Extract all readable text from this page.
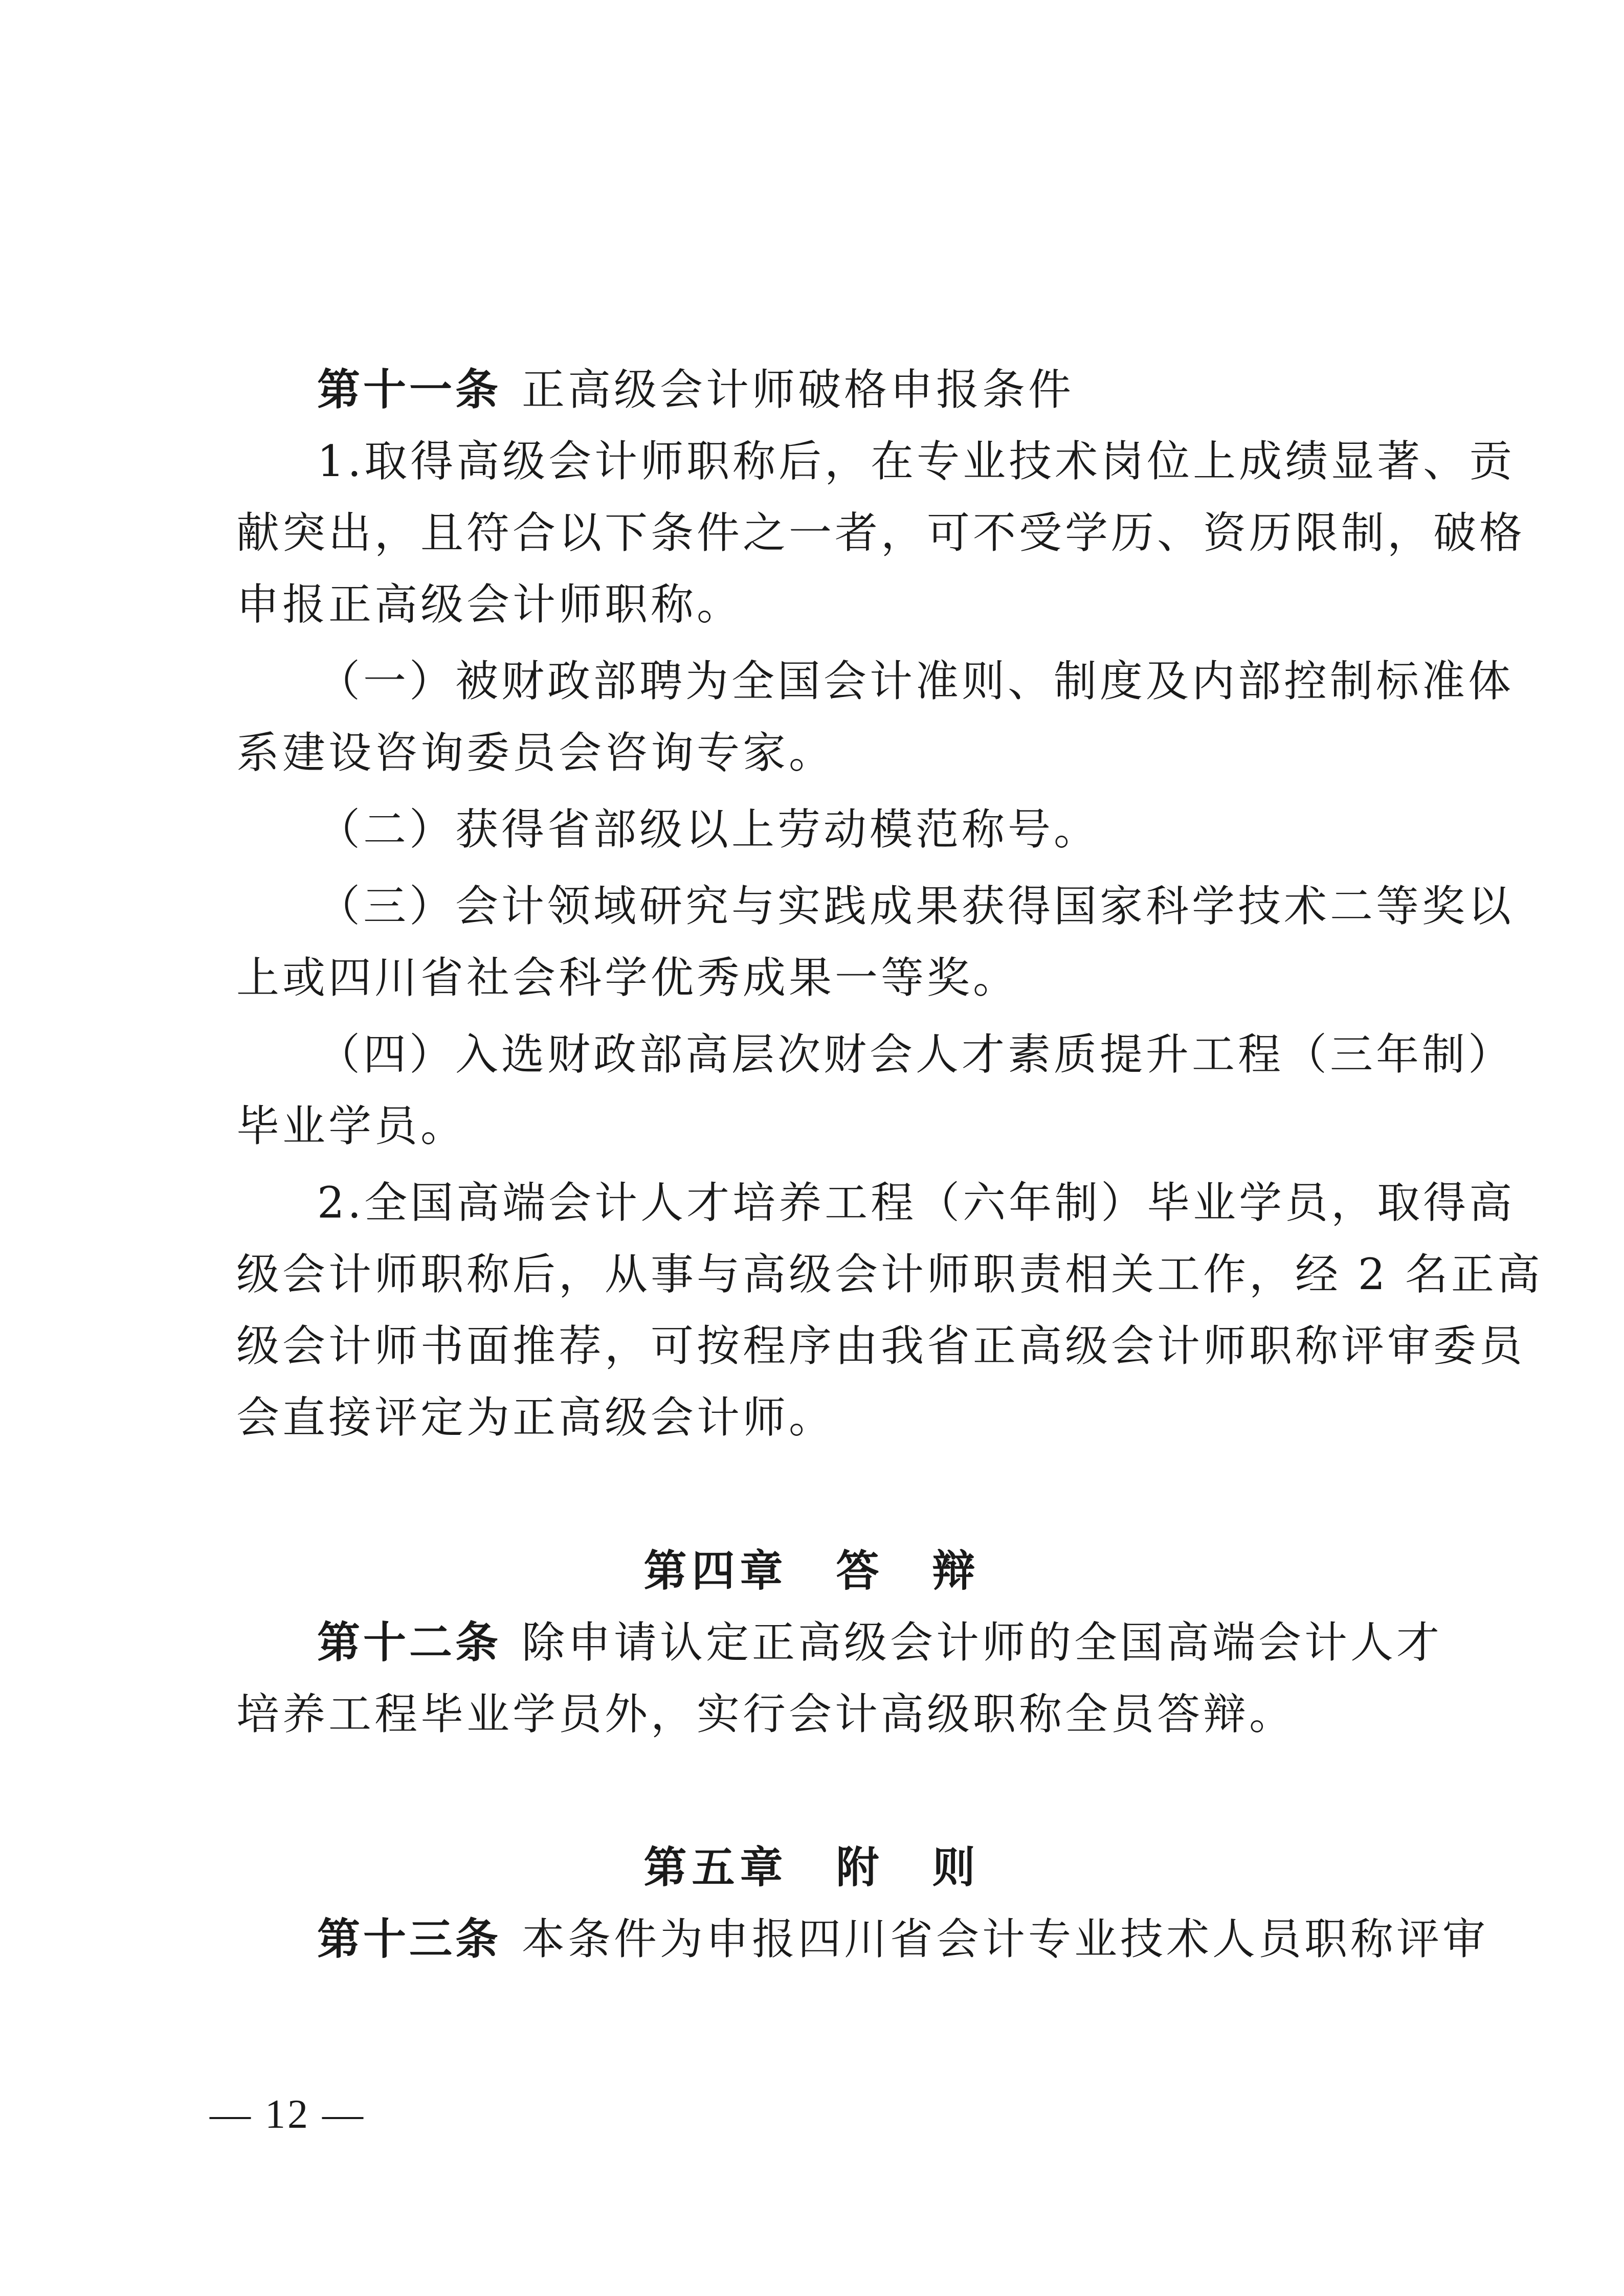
第十一条 正高级会计师破格申报条件
1.取得高级会计师职称后，在专业技术岗位上成绩显著、贡
献突出，且符合以下条件之一者，可不受学历、资历限制，破格
申报正高级会计师职称。
（一）被财政部聘为全国会计准则、制度及内部控制标准体
系建设咨询委员会咨询专家。
（二）获得省部级以上劳动模范称号。
（三）会计领域研究与实践成果获得国家科学技术二等奖以
上或四川省社会科学优秀成果一等奖。
（四）入选财政部高层次财会人才素质提升工程（三年制）
毕业学员。
2.全国高端会计人才培养工程（六年制）毕业学员，取得高
级会计师职称后，从事与高级会计师职责相关工作，经 2 名正高
级会计师书面推荐，可按程序由我省正高级会计师职称评审委员
会直接评定为正高级会计师。
第四章　答　辩
第十二条 除申请认定正高级会计师的全国高端会计人才
培养工程毕业学员外，实行会计高级职称全员答辩。
第五章　附　则
第十三条 本条件为申报四川省会计专业技术人员职称评审
— 12 —
